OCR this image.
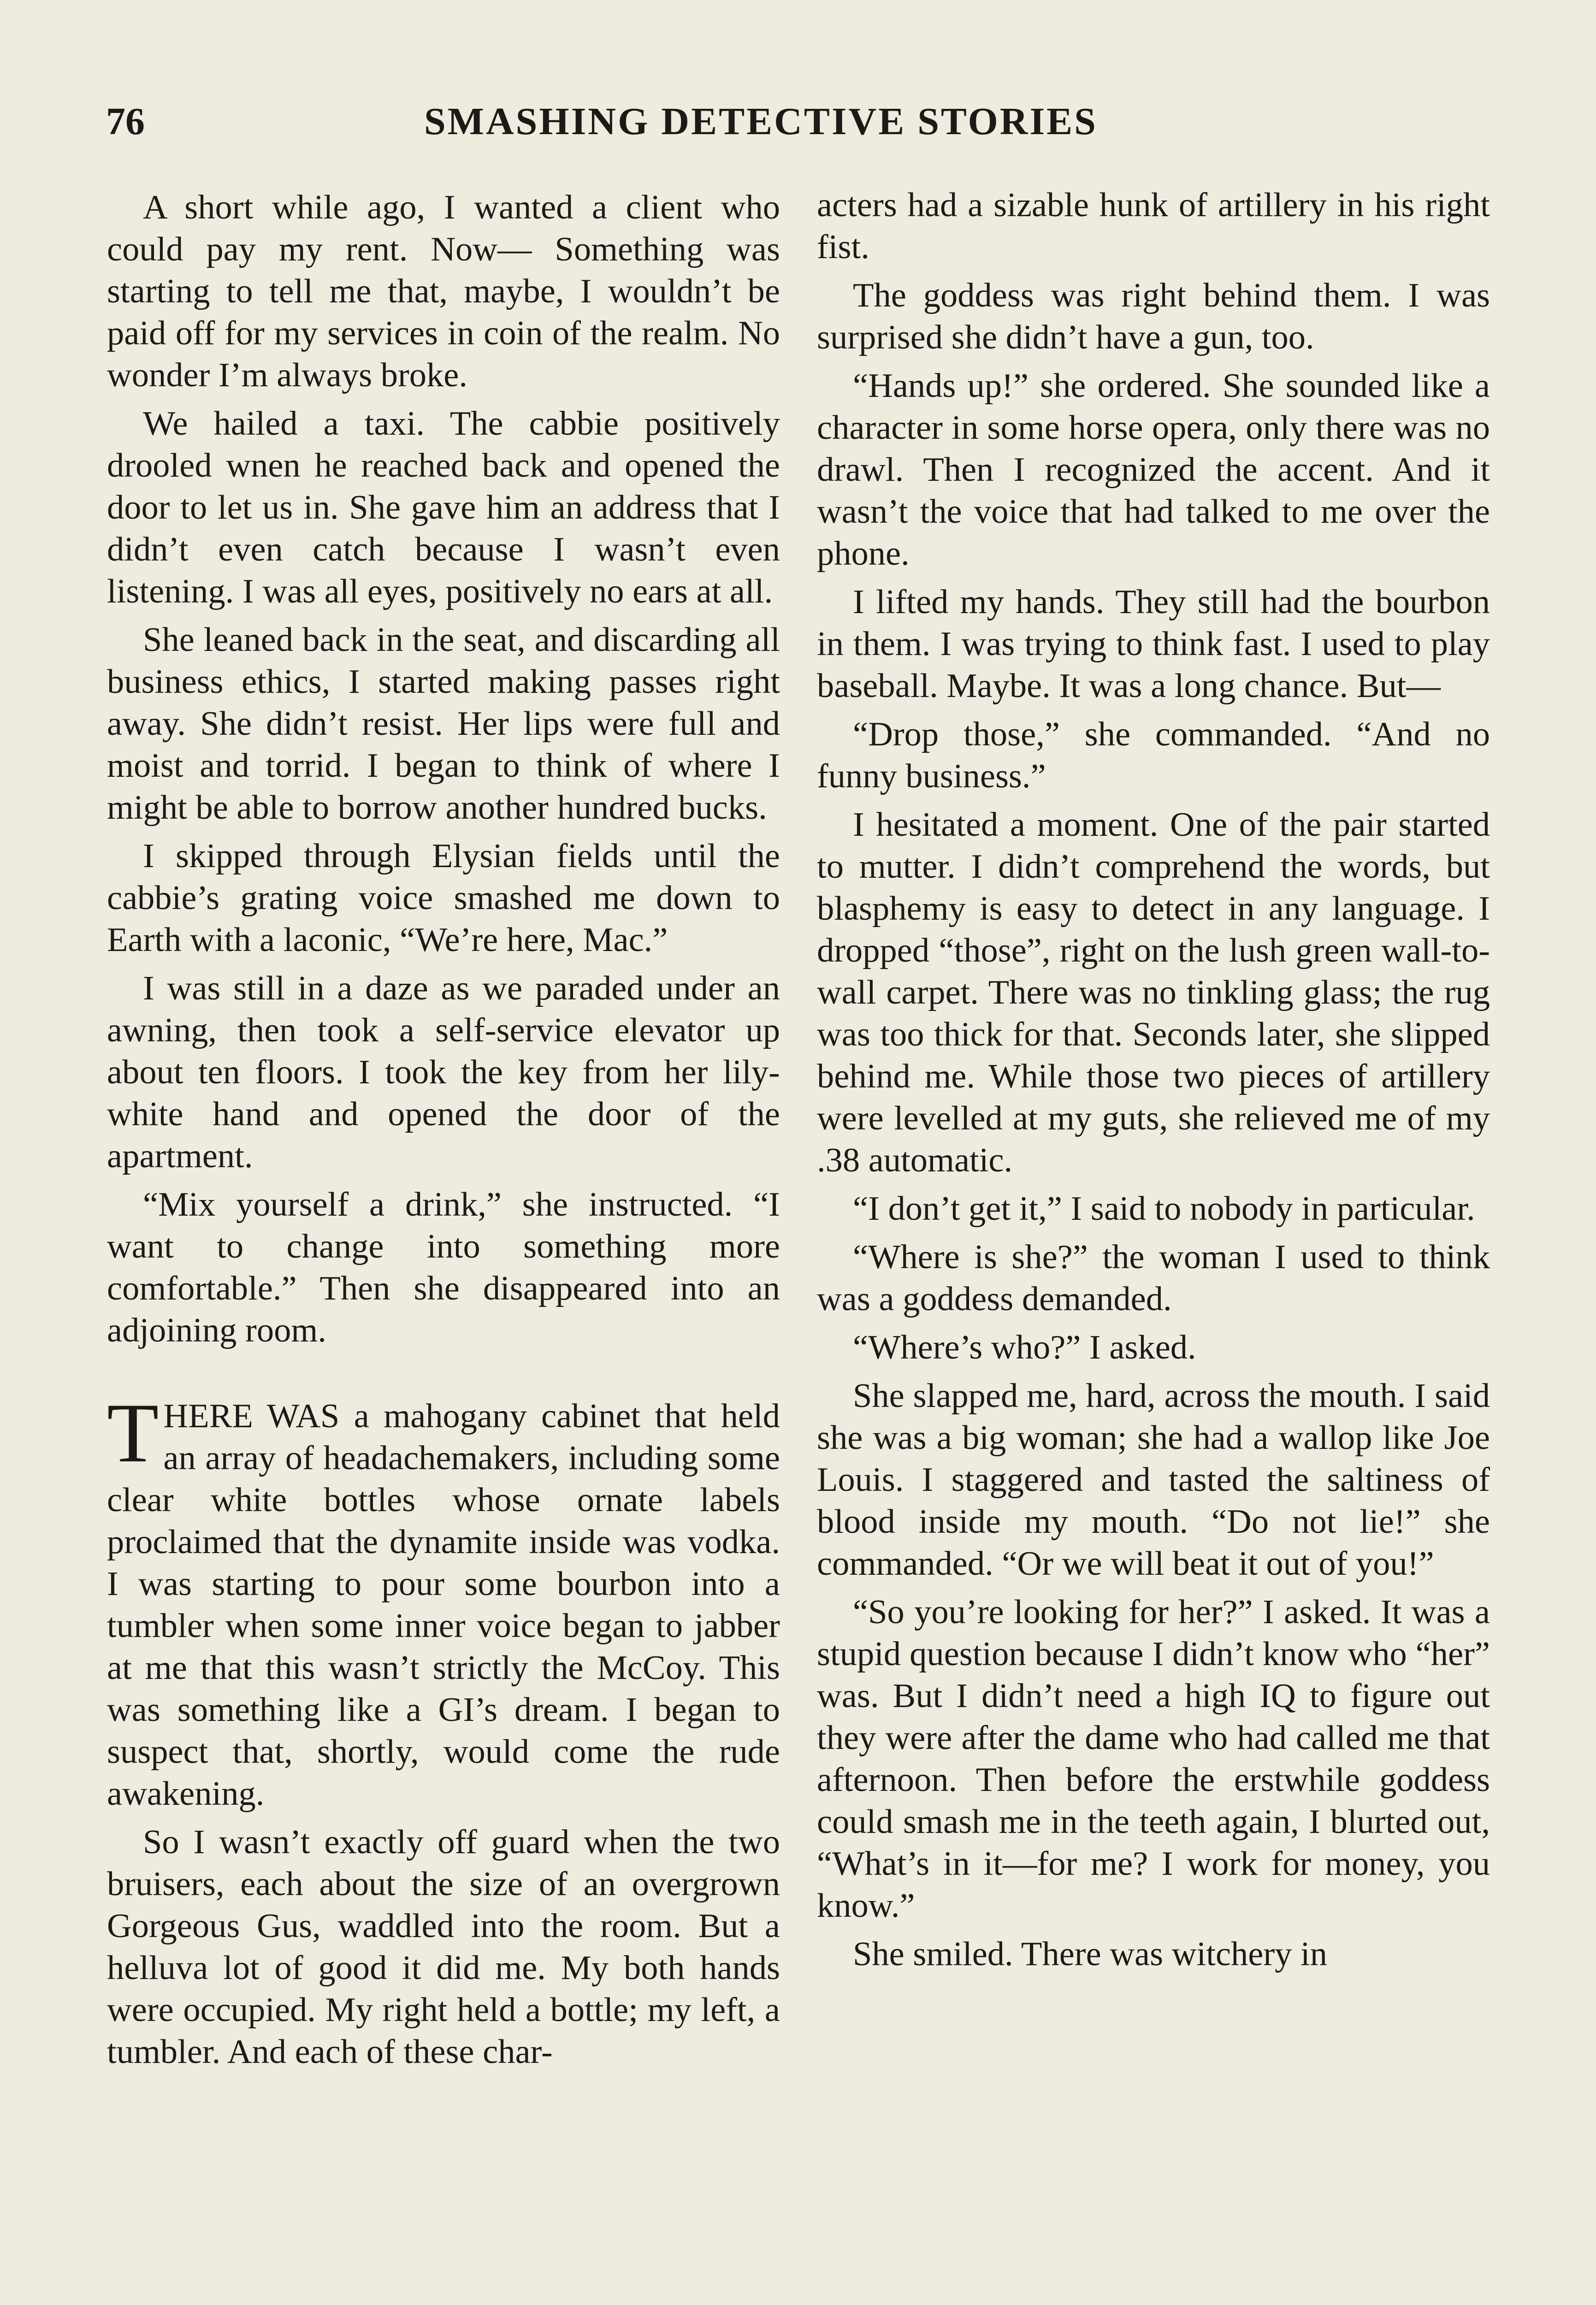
76	SMASHING DETECTIVE STORIES

A short while ago, I wanted a client who could pay my rent. Now— Something was starting to tell me that, maybe, I wouldn’t be paid off for my services in coin of the realm. No wonder I’m always broke.

We hailed a taxi. The cabbie positively drooled wnen he reached back and opened the door to let us in. She gave him an address that I didn’t even catch because I wasn’t even listening. I was all eyes, positively no ears at all.

She leaned back in the seat, and discarding all business ethics, I started making passes right away. She didn’t resist. Her lips were full and moist and torrid. I began to think of where I might be able to borrow another hundred bucks.

I skipped through Elysian fields until the cabbie’s grating voice smashed me down to Earth with a laconic, “We’re here, Mac.”

I was still in a daze as we paraded under an awning, then took a self-service elevator up about ten floors. I took the key from her lily-white hand and opened the door of the apartment.

“Mix yourself a drink,” she instructed. “I want to change into something more comfortable.” Then she disappeared into an adjoining room.

THERE WAS a mahogany cabinet that held an array of headachemakers, including some clear white bottles whose ornate labels proclaimed that the dynamite inside was vodka. I was starting to pour some bourbon into a tumbler when some inner voice began to jabber at me that this wasn’t strictly the McCoy. This was something like a GI’s dream. I began to suspect that, shortly, would come the rude awakening.

So I wasn’t exactly off guard when the two bruisers, each about the size of an overgrown Gorgeous Gus, waddled into the room. But a helluva lot of good it did me. My both hands were occupied. My right held a bottle; my left, a tumbler. And each of these char-

acters had a sizable hunk of artillery in his right fist.

The goddess was right behind them. I was surprised she didn’t have a gun, too.

“Hands up!” she ordered. She sounded like a character in some horse opera, only there was no drawl. Then I recognized the accent. And it wasn’t the voice that had talked to me over the phone.

I lifted my hands. They still had the bourbon in them. I was trying to think fast. I used to play baseball. Maybe. It was a long chance. But—

“Drop those,” she commanded. “And no funny business.”

I hesitated a moment. One of the pair started to mutter. I didn’t comprehend the words, but blasphemy is easy to detect in any language. I dropped “those”, right on the lush green wall-to-wall carpet. There was no tinkling glass; the rug was too thick for that. Seconds later, she slipped behind me. While those two pieces of artillery were levelled at my guts, she relieved me of my .38 automatic.

“I don’t get it,” I said to nobody in particular.

“Where is she?” the woman I used to think was a goddess demanded.

“Where’s who?” I asked.

She slapped me, hard, across the mouth. I said she was a big woman; she had a wallop like Joe Louis. I staggered and tasted the saltiness of blood inside my mouth. “Do not lie!” she commanded. “Or we will beat it out of you!”

“So you’re looking for her?” I asked. It was a stupid question because I didn’t know who “her” was. But I didn’t need a high IQ to figure out they were after the dame who had called me that afternoon. Then before the erstwhile goddess could smash me in the teeth again, I blurted out, “What’s in it—for me? I work for money, you know.”

She smiled. There was witchery in
